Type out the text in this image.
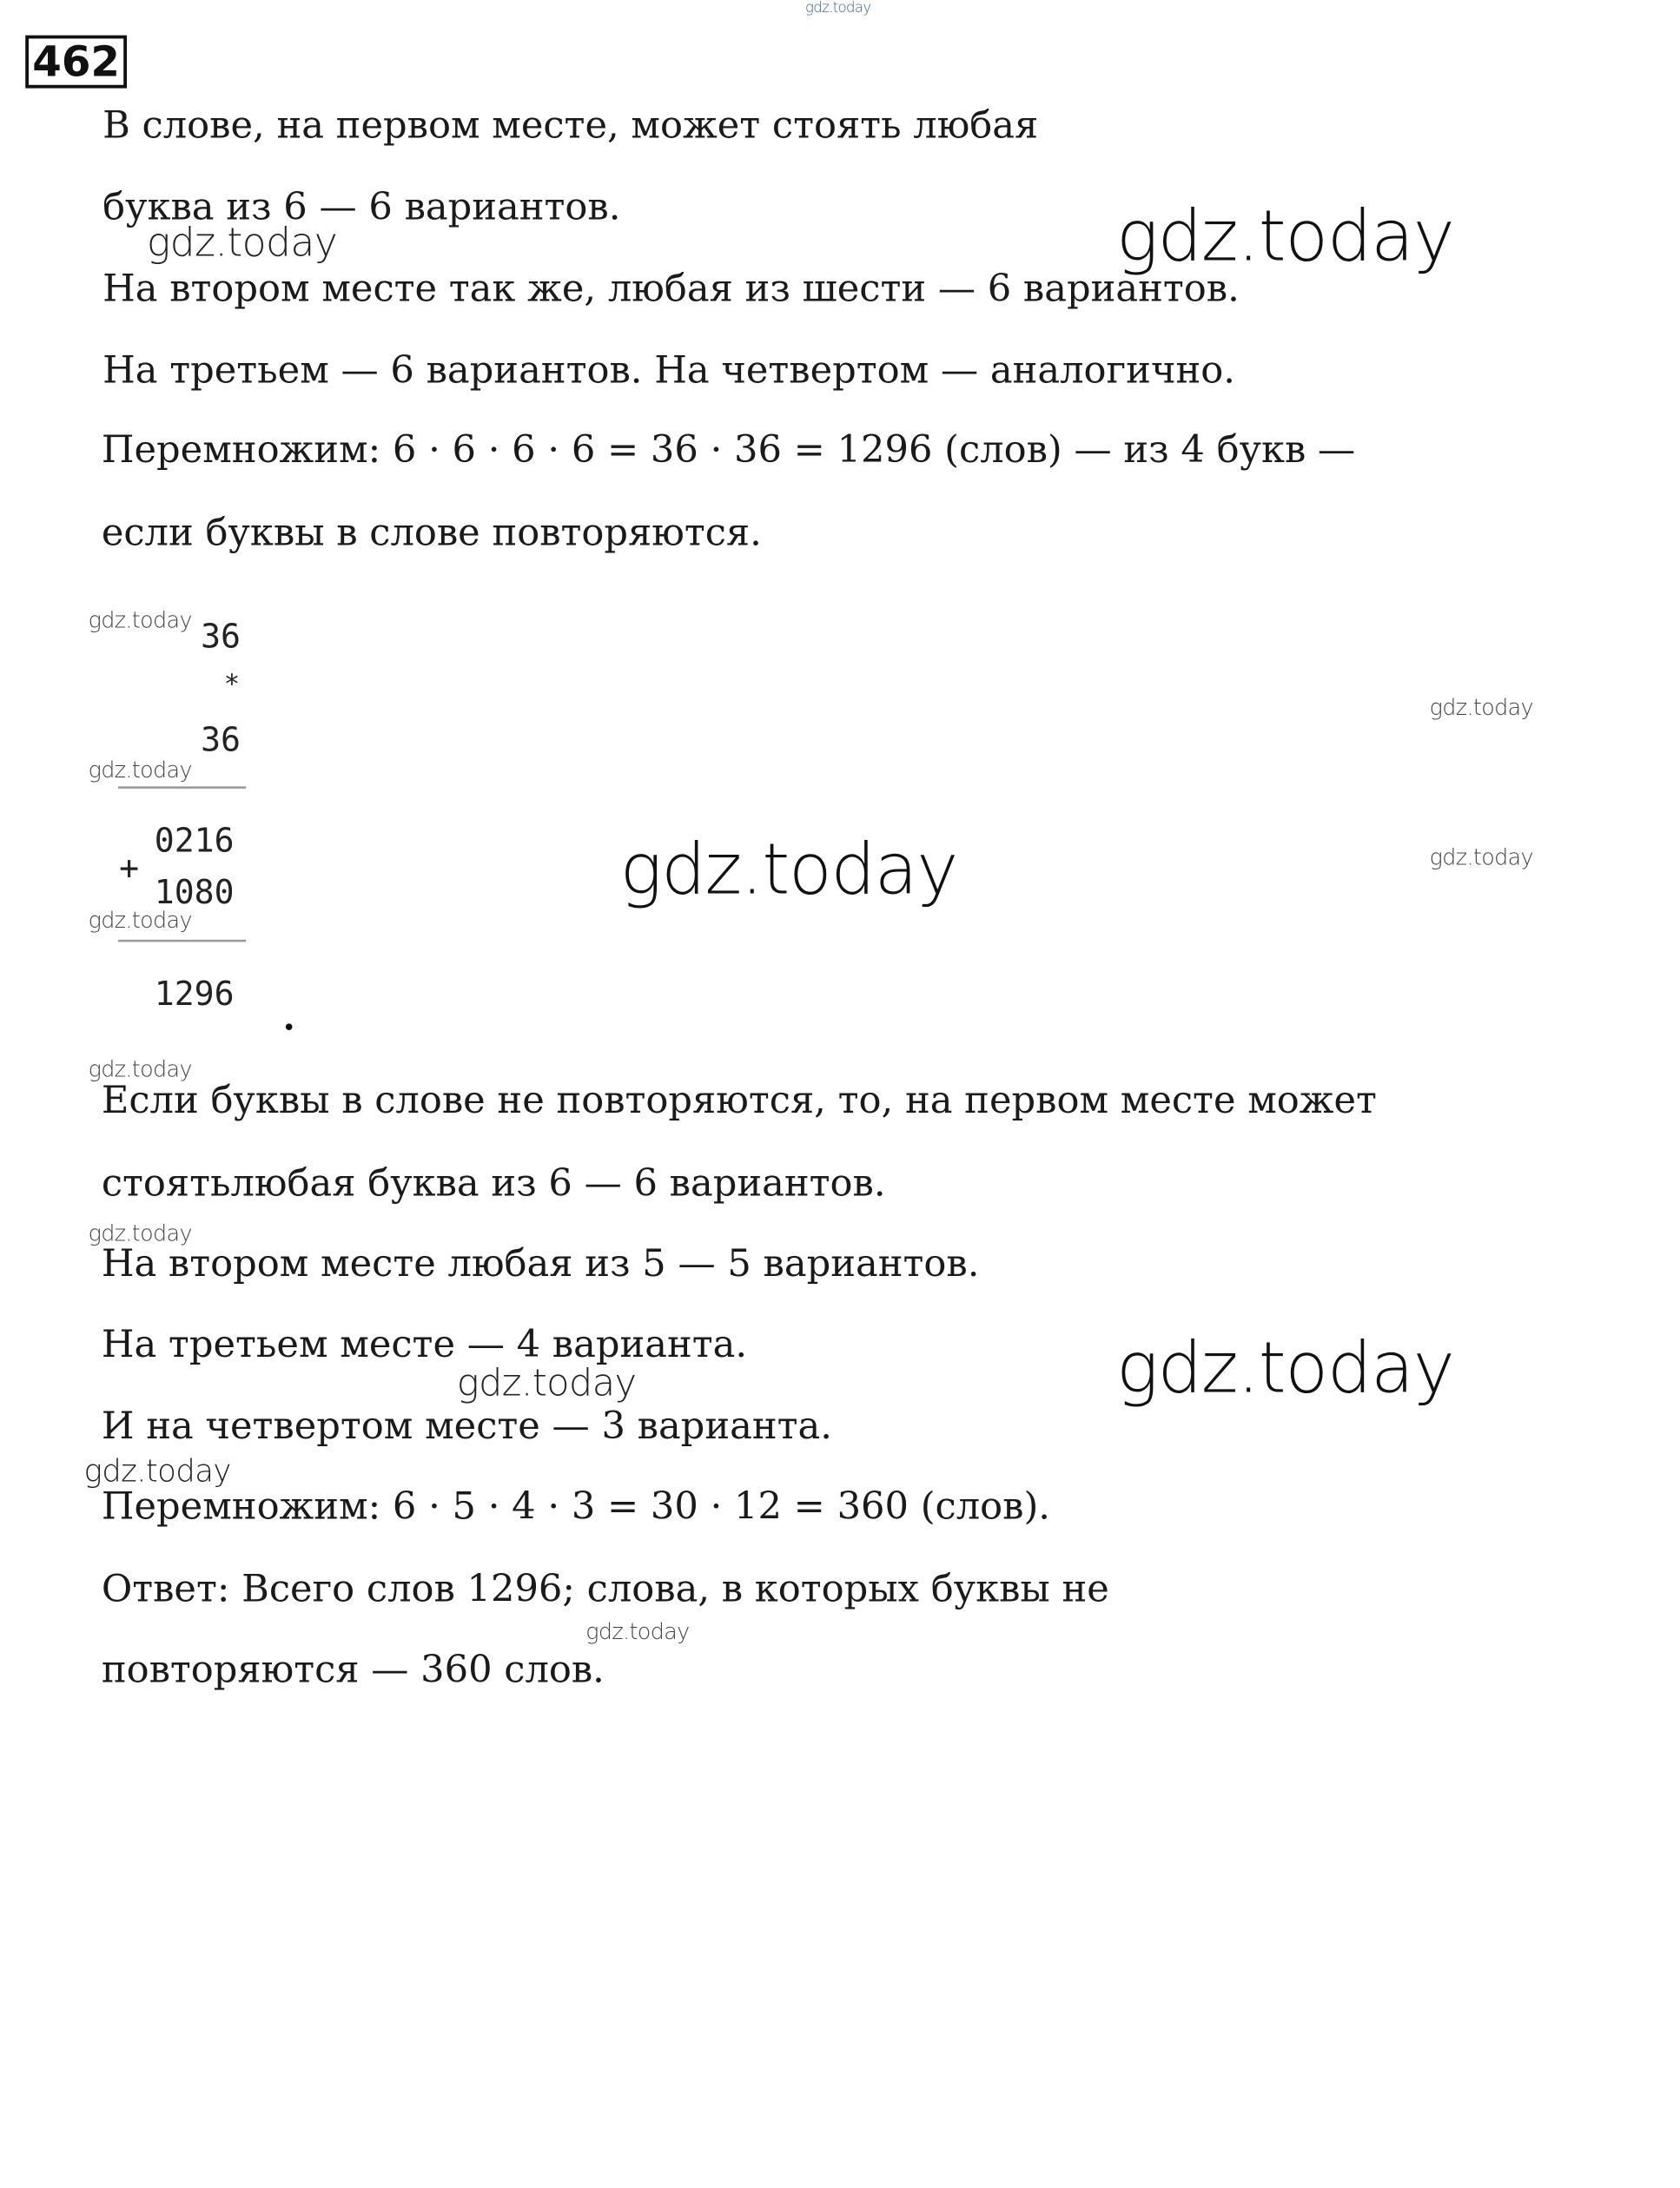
gdz.today
462
В слове, на первом месте, может стоять любая
буква из 6 — 6 вариантов.
На втором месте так же, любая из шести — 6 вариантов.
На третьем — 6 вариантов. На четвертом — аналогично.
Перемножим: 6 · 6 · 6 · 6 = 36 · 36 = 1296 (слов) — из 4 букв —
если буквы в слове повторяются.
gdz.today	gdz.today
36
*
36
0216
+
1080
1296
gdz.today
gdz.today
gdz.today
gdz.today
gdz.today
gdz.today
gdz.today
Если буквы в слове не повторяются, то, на первом месте может
стоятьлюбая буква из 6 — 6 вариантов.
На втором месте любая из 5 — 5 вариантов.
На третьем месте — 4 варианта.
И на четвертом месте — 3 варианта.
Перемножим: 6 · 5 · 4 · 3 = 30 · 12 = 360 (слов).
Ответ: Всего слов 1296; слова, в которых буквы не
повторяются — 360 слов.
gdz.today
gdz.today	gdz.today
gdz.today
gdz.today
